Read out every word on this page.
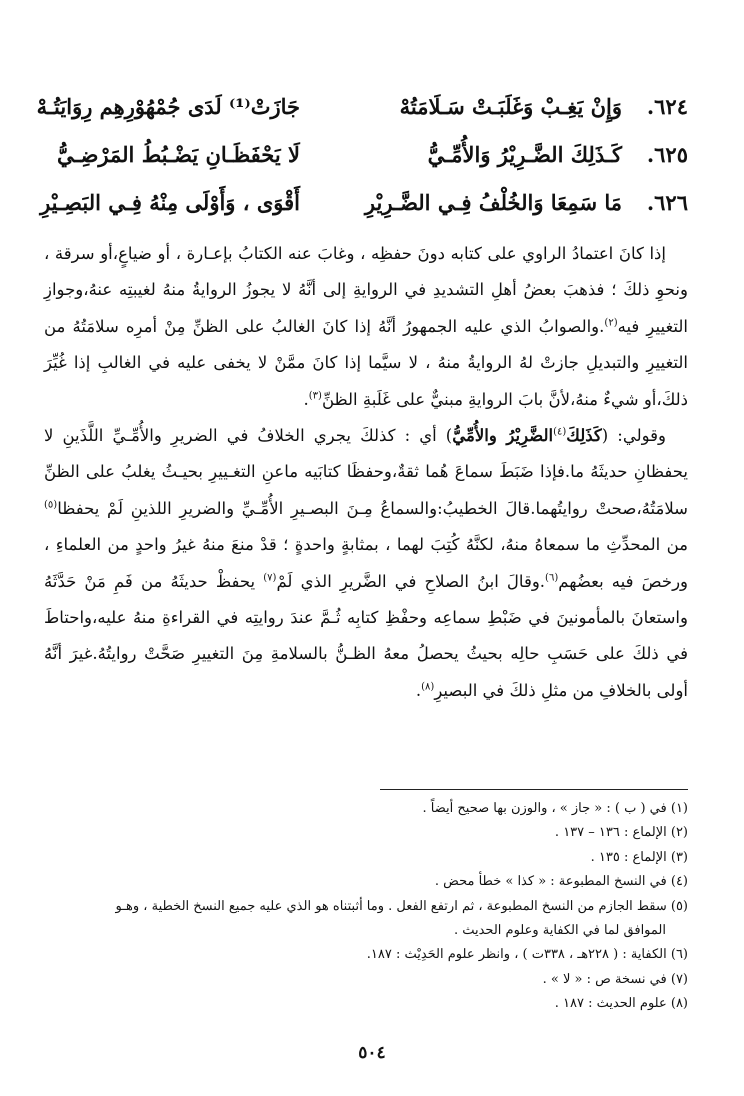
٦٢٤.
وَإِنْ يَغِـبْ وَغَلَبَـتْ سَـلَامَتُهْ
جَازَتْ⁽¹⁾ لَدَى جُمْهُوْرِهِم رِوَايَتُـهْ
٦٢٥.
كَـذَلِكَ الضَّـرِيْرُ وَالأُمِّـيُّ
لَا يَحْفَظَـانِ يَضْـبُطُ المَرْضِـيُّ
٦٢٦.
مَا سَمِعَا وَالخُلْفُ فِـي الضَّـرِيْرِ
أَقْوَى ، وَأَوْلَى مِنْهُ فِـي البَصِـيْرِ

إذا كانَ اعتمادُ الراوي على كتابه دونَ حفظِه ، وغابَ عنه الكتابُ بإعـارة ، أو ضياعٍ،أو سرقة ، ونحوِ ذلكَ ؛ فذهبَ بعضُ أهلِ التشديدِ في الروايةِ إلى أنَّهُ لا يجوزُ الروايةُ منهُ لغيبتِه عنهُ،وجوازِ التغييرِ فيه$^{(٢)}$.والصوابُ الذي عليه الجمهورُ أنَّهُ إذا كانَ الغالبُ على الظنِّ مِنْ أمرِه سلامَتُهُ من التغييرِ والتبديلِ جازتْ لهُ الروايةُ منهُ ، لا سيَّما إذا كانَ ممَّنْ لا يخفى عليه في الغالبِ إذا غُيِّرَ ذلكَ،أو شيءٌ منهُ،لأنَّ بابَ الروايةِ مبنيٌّ على غَلَبةِ الظنِّ$^{(٣)}$.

وقولي: (كَذَلِكَ$^{(٤)}$الضَّرِيْرُ والأُمِّيُّ) أي : كذلكَ يجري الخلافُ في الضريرِ والأُمِّـيِّ اللَّذَينِ لا يحفظانِ حديثَهُ ما.فإذا ضَبَطَ سماعَ هُما ثقةٌ،وحفظَا كتابَيه ماعنِ التغـييرِ بحيـثُ يغلبُ على الظنِّ سلامَتُهُ،صحتْ روايتُهما.قالَ الخطيبُ:والسماعُ مِـنَ البصـيرِ الأُمِّـيِّ والضريرِ اللذينِ لَمْ يحفظا$^{(٥)}$ من المحدِّثِ ما سمعاهُ منهُ، لكنَّهُ كُتِبَ لهما ، بمثابةٍ واحدةٍ ؛ قدْ منعَ منهُ غيرُ واحدٍ من العلماءِ ، ورخصَ فيه بعضُهم$^{(٦)}$.وقالَ ابنُ الصلاحِ في الضَّريرِ الذي لَمْ$^{(٧)}$ يحفظْ حديثَهُ من فَمِ مَنْ حَدَّثَهُ واستعانَ بالمأمونينَ في ضَبْطِ سماعِه وحفْظِ كتابِه ثُـمَّ عندَ روايتِه في القراءةِ منهُ عليه،واحتاطَ في ذلكَ على حَسَبِ حالِه بحيثُ يحصلُ معهُ الظـنُّ بالسلامةِ مِنَ التغييرِ صَحَّتْ روايتُهُ.غيرَ أنَّهُ أولى بالخلافِ من مثلِ ذلكَ في البصيرِ$^{(٨)}$.

(١) في ( ب ) : « جاز » ، والوزن بها صحيح أيضاً .
(٢) الإلماع : ١٣٦ – ١٣٧ .
(٣) الإلماع : ١٣٥ .
(٤) في النسخ المطبوعة : « كذا » خطأ محض .
(٥) سقط الجازم من النسخ المطبوعة ، ثم ارتفع الفعل . وما أثبتناه هو الذي عليه جميع النسخ الخطية ، وهـو
الموافق لما في الكفاية وعلوم الحديث .
(٦) الكفاية : ( ٢٢٨هـ ، ٣٣٨ت ) ، وانظر علوم الحَدِيْث : ١٨٧.
(٧) في نسخة ص : « لا » .
(٨) علوم الحديث : ١٨٧ .
٥٠٤
